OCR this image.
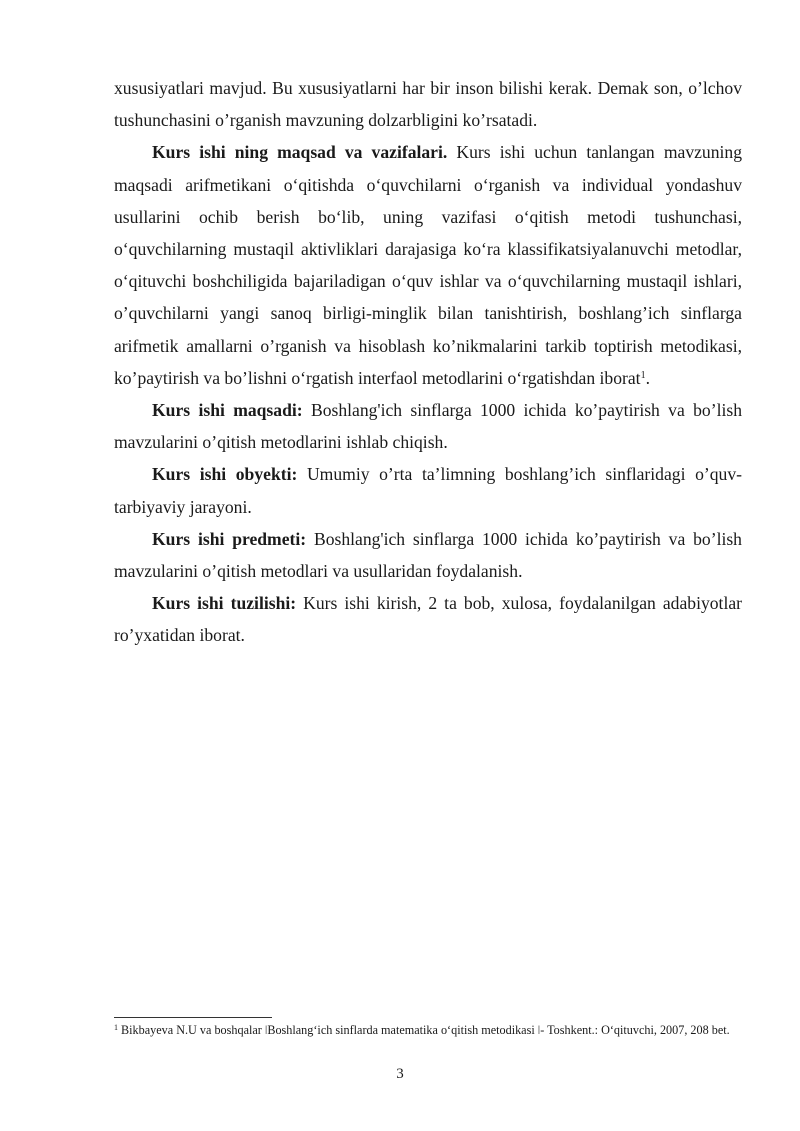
xususiyatlari mavjud. Bu xususiyatlarni har bir inson bilishi kerak. Demak son, o’lchov tushunchasini o’rganish mavzuning dolzarbligini ko’rsatadi.

Kurs ishi ning maqsad va vazifalari. Kurs ishi uchun tanlangan mavzuning maqsadi arifmetikani oʻqitishda oʻquvchilarni oʻrganish va individual yondashuv usullarini ochib berish boʻlib, uning vazifasi oʻqitish metodi tushunchasi, oʻquvchilarning mustaqil aktivliklari darajasiga koʻra klassifikatsiyalanuvchi metodlar, oʻqituvchi boshchiligida bajariladigan oʻquv ishlar va oʻquvchilarning mustaqil ishlari, o’quvchilarni yangi sanoq birligi-minglik bilan tanishtirish, boshlang’ich sinflarga arifmetik amallarni o’rganish va hisoblash ko’nikmalarini tarkib toptirish metodikasi, ko’paytirish va bo’lishni oʻrgatish interfaol metodlarini oʻrgatishdan iborat$^1$.

Kurs ishi maqsadi: Boshlang'ich sinflarga 1000 ichida ko’paytirish va bo’lish mavzularini o’qitish metodlarini ishlab chiqish.

Kurs ishi obyekti: Umumiy o’rta ta’limning boshlang’ich sinflaridagi o’quv-tarbiyaviy jarayoni.

Kurs ishi predmeti: Boshlang'ich sinflarga 1000 ichida ko’paytirish va bo’lish mavzularini o’qitish metodlari va usullaridan foydalanish.

Kurs ishi tuzilishi: Kurs ishi kirish, 2 ta bob, xulosa, foydalanilgan adabiyotlar ro’yxatidan iborat.

$^1$ Bikbayeva N.U va boshqalar ǀBoshlangʻich sinflarda matematika oʻqitish metodikasi ǀ- Toshkent.: Oʻqituvchi, 2007, 208 bet.
3
